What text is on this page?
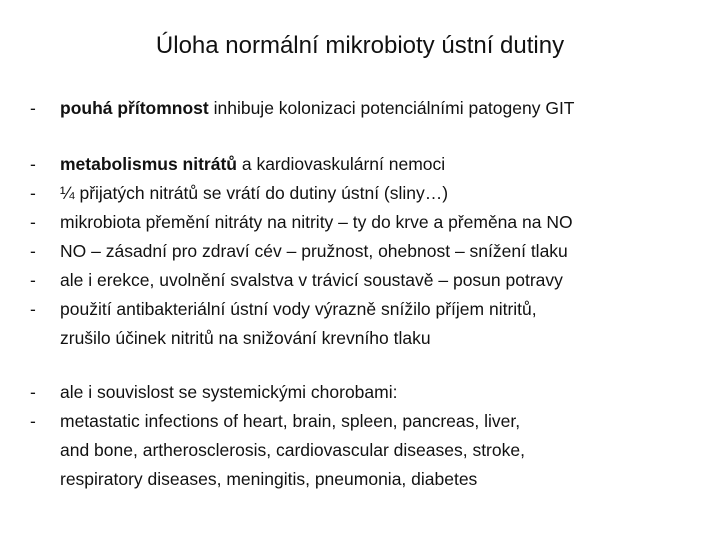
Úloha normální mikrobioty ústní dutiny
-	pouhá přítomnost inhibuje kolonizaci potenciálními patogeny GIT
-	metabolismus nitrátů a kardiovaskulární nemoci
-	¼ přijatých nitrátů se vrátí do dutiny ústní (sliny…)
-	mikrobiota přemění nitráty na nitrity – ty do krve a přeměna na NO
-	NO – zásadní pro zdraví cév – pružnost, ohebnost – snížení tlaku
-	ale i erekce, uvolnění svalstva v trávicí soustavě – posun potravy
-	použití antibakteriální ústní vody výrazně snížilo příjem nitritů,
zrušilo účinek nitritů na snižování krevního tlaku
-	ale i souvislost se systemickými chorobami:
-	metastatic infections of heart, brain, spleen, pancreas, liver,
and bone, artherosclerosis, cardiovascular diseases, stroke,
respiratory diseases, meningitis, pneumonia, diabetes
